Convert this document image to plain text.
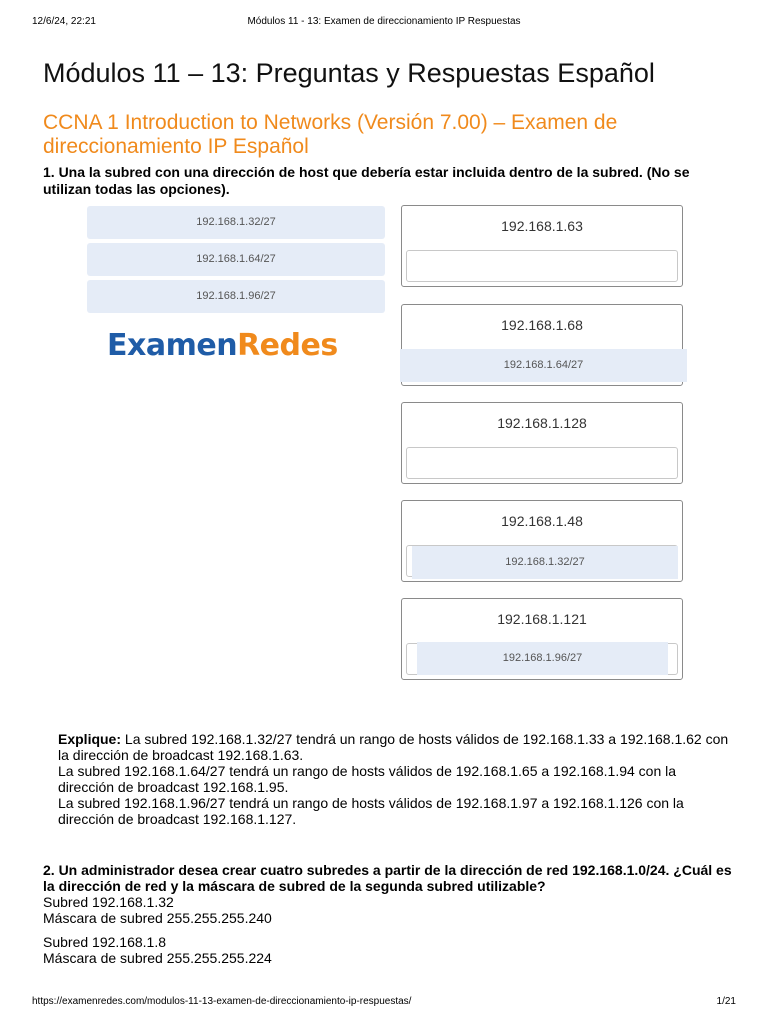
12/6/24, 22:21	Módulos 11 - 13: Examen de direccionamiento IP Respuestas
Módulos 11 – 13: Preguntas y Respuestas Español
CCNA 1 Introduction to Networks (Versión 7.00) – Examen de direccionamiento IP Español
1. Una la subred con una dirección de host que debería estar incluida dentro de la subred. (No se utilizan todas las opciones).
192.168.1.32/27
192.168.1.64/27
192.168.1.96/27
ExamenRedes
192.168.1.63
192.168.1.68
192.168.1.64/27
192.168.1.128
192.168.1.48
192.168.1.32/27
192.168.1.121
192.168.1.96/27
Explique: La subred 192.168.1.32/27 tendrá un rango de hosts válidos de 192.168.1.33 a 192.168.1.62 con la dirección de broadcast 192.168.1.63.
La subred 192.168.1.64/27 tendrá un rango de hosts válidos de 192.168.1.65 a 192.168.1.94 con la dirección de broadcast 192.168.1.95.
La subred 192.168.1.96/27 tendrá un rango de hosts válidos de 192.168.1.97 a 192.168.1.126 con la dirección de broadcast 192.168.1.127.
2. Un administrador desea crear cuatro subredes a partir de la dirección de red 192.168.1.0/24. ¿Cuál es la dirección de red y la máscara de subred de la segunda subred utilizable?
Subred 192.168.1.32
Máscara de subred 255.255.255.240
Subred 192.168.1.8
Máscara de subred 255.255.255.224
https://examenredes.com/modulos-11-13-examen-de-direccionamiento-ip-respuestas/	1/21
